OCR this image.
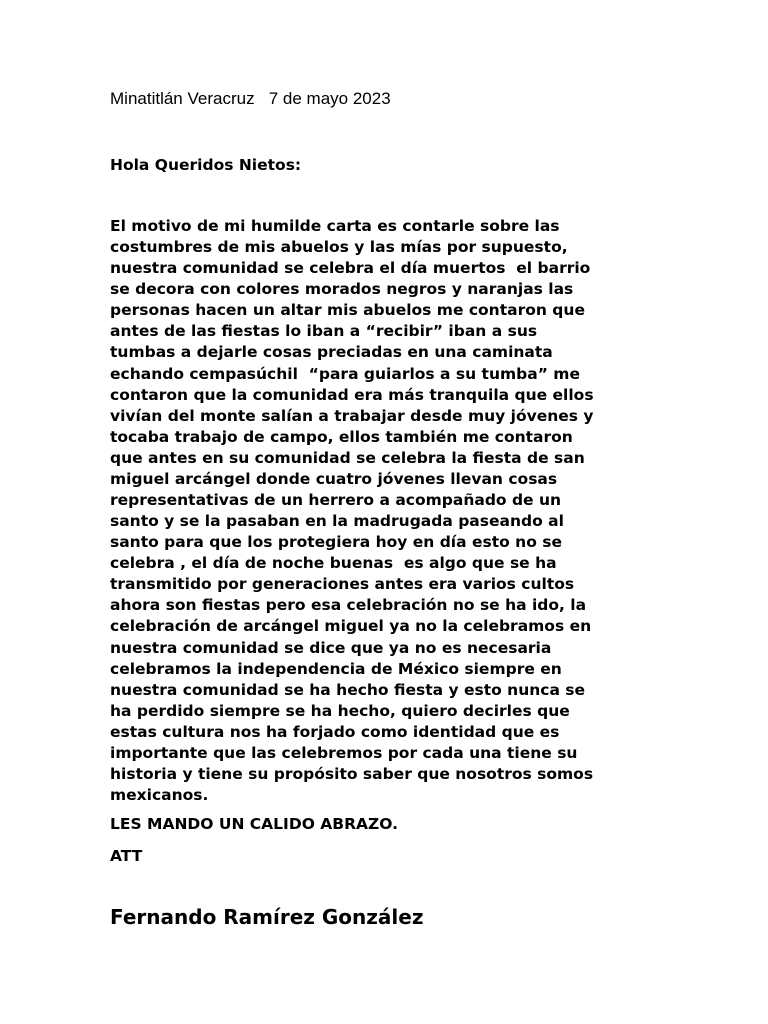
Minatitlán Veracruz   7 de mayo 2023
Hola Queridos Nietos:
El motivo de mi humilde carta es contarle sobre las
costumbres de mis abuelos y las mías por supuesto,
nuestra comunidad se celebra el día muertos  el barrio
se decora con colores morados negros y naranjas las
personas hacen un altar mis abuelos me contaron que
antes de las fiestas lo iban a “recibir” iban a sus
tumbas a dejarle cosas preciadas en una caminata
echando cempasúchil  “para guiarlos a su tumba” me
contaron que la comunidad era más tranquila que ellos
vivían del monte salían a trabajar desde muy jóvenes y
tocaba trabajo de campo, ellos también me contaron
que antes en su comunidad se celebra la fiesta de san
miguel arcángel donde cuatro jóvenes llevan cosas
representativas de un herrero a acompañado de un
santo y se la pasaban en la madrugada paseando al
santo para que los protegiera hoy en día esto no se
celebra , el día de noche buenas  es algo que se ha
transmitido por generaciones antes era varios cultos
ahora son fiestas pero esa celebración no se ha ido, la
celebración de arcángel miguel ya no la celebramos en
nuestra comunidad se dice que ya no es necesaria
celebramos la independencia de México siempre en
nuestra comunidad se ha hecho fiesta y esto nunca se
ha perdido siempre se ha hecho, quiero decirles que
estas cultura nos ha forjado como identidad que es
importante que las celebremos por cada una tiene su
historia y tiene su propósito saber que nosotros somos
mexicanos.
LES MANDO UN CALIDO ABRAZO.
ATT
Fernando Ramírez González
